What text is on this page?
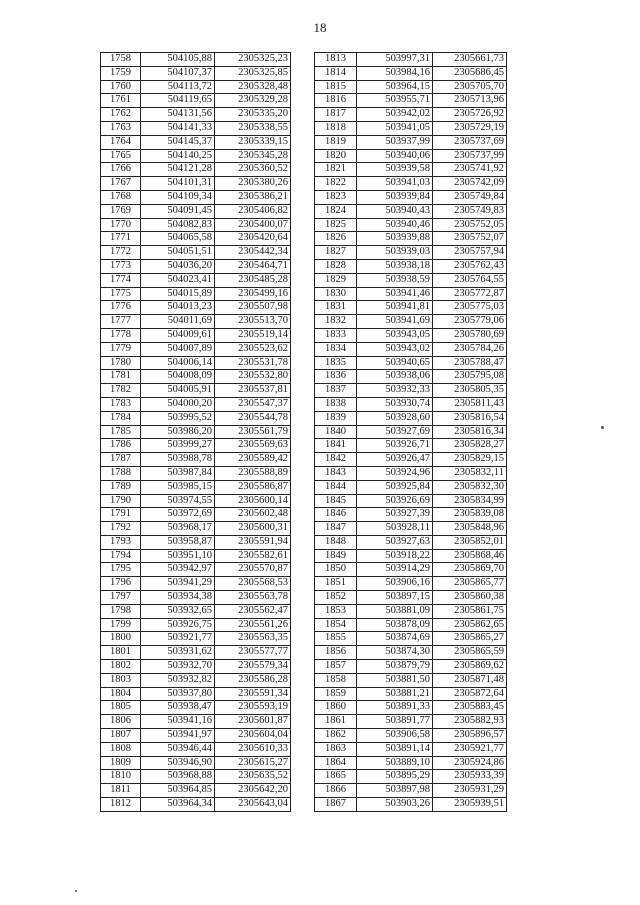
18
1758	504105,88	2305325,23
1759	504107,37	2305325,85
1760	504113,72	2305328,48
1761	504119,65	2305329,28
1762	504131,56	2305335,20
1763	504141,33	2305338,55
1764	504145,37	2305339,15
1765	504140,25	2305345,28
1766	504121,28	2305360,52
1767	504101,31	2305380,26
1768	504109,34	2305386,21
1769	504091,45	2305406,82
1770	504082,83	2305400,07
1771	504065,58	2305420,64
1772	504051,51	2305442,34
1773	504036,20	2305464,71
1774	504023,41	2305485,28
1775	504015,89	2305499,16
1776	504013,23	2305507,98
1777	504011,69	2305513,70
1778	504009,61	2305519,14
1779	504007,89	2305523,62
1780	504006,14	2305531,78
1781	504008,09	2305532,80
1782	504005,91	2305537,81
1783	504000,20	2305547,37
1784	503995,52	2305544,78
1785	503986,20	2305561,79
1786	503999,27	2305569,63
1787	503988,78	2305589,42
1788	503987,84	2305588,89
1789	503985,15	2305586,87
1790	503974,55	2305600,14
1791	503972,69	2305602,48
1792	503968,17	2305600,31
1793	503958,87	2305591,94
1794	503951,10	2305582,61
1795	503942,97	2305570,87
1796	503941,29	2305568,53
1797	503934,38	2305563,78
1798	503932,65	2305562,47
1799	503926,75	2305561,26
1800	503921,77	2305563,35
1801	503931,62	2305577,77
1802	503932,70	2305579,34
1803	503932,82	2305586,28
1804	503937,80	2305591,34
1805	503938,47	2305593,19
1806	503941,16	2305601,87
1807	503941,97	2305604,04
1808	503946,44	2305610,33
1809	503946,90	2305615,27
1810	503968,88	2305635,52
1811	503964,85	2305642,20
1812	503964,34	2305643,04
1813	503997,31	2305661,73
1814	503984,16	2305686,45
1815	503964,15	2305705,70
1816	503955,71	2305713,96
1817	503942,02	2305726,92
1818	503941,05	2305729,19
1819	503937,99	2305737,69
1820	503940,06	2305737,99
1821	503939,58	2305741,92
1822	503941,03	2305742,09
1823	503939,84	2305749,84
1824	503940,43	2305749,83
1825	503940,46	2305752,05
1826	503939,88	2305752,07
1827	503939,03	2305757,94
1828	503938,18	2305762,43
1829	503938,59	2305764,55
1830	503941,46	2305772,87
1831	503941,81	2305775,03
1832	503941,69	2305779,06
1833	503943,05	2305780,69
1834	503943,02	2305784,26
1835	503940,65	2305788,47
1836	503938,06	2305795,08
1837	503932,33	2305805,35
1838	503930,74	2305811,43
1839	503928,60	2305816,54
1840	503927,69	2305816,34
1841	503926,71	2305828,27
1842	503926,47	2305829,15
1843	503924,96	2305832,11
1844	503925,84	2305832,30
1845	503926,69	2305834,99
1846	503927,39	2305839,08
1847	503928,11	2305848,96
1848	503927,63	2305852,01
1849	503918,22	2305868,46
1850	503914,29	2305869,70
1851	503906,16	2305865,77
1852	503897,15	2305860,38
1853	503881,09	2305861,75
1854	503878,09	2305862,65
1855	503874,69	2305865,27
1856	503874,30	2305865,59
1857	503879,79	2305869,62
1858	503881,50	2305871,48
1859	503881,21	2305872,64
1860	503891,33	2305883,45
1861	503891,77	2305882,93
1862	503906,58	2305896,57
1863	503891,14	2305921,77
1864	503889,10	2305924,86
1865	503895,29	2305933,39
1866	503897,98	2305931,29
1867	503903,26	2305939,51
